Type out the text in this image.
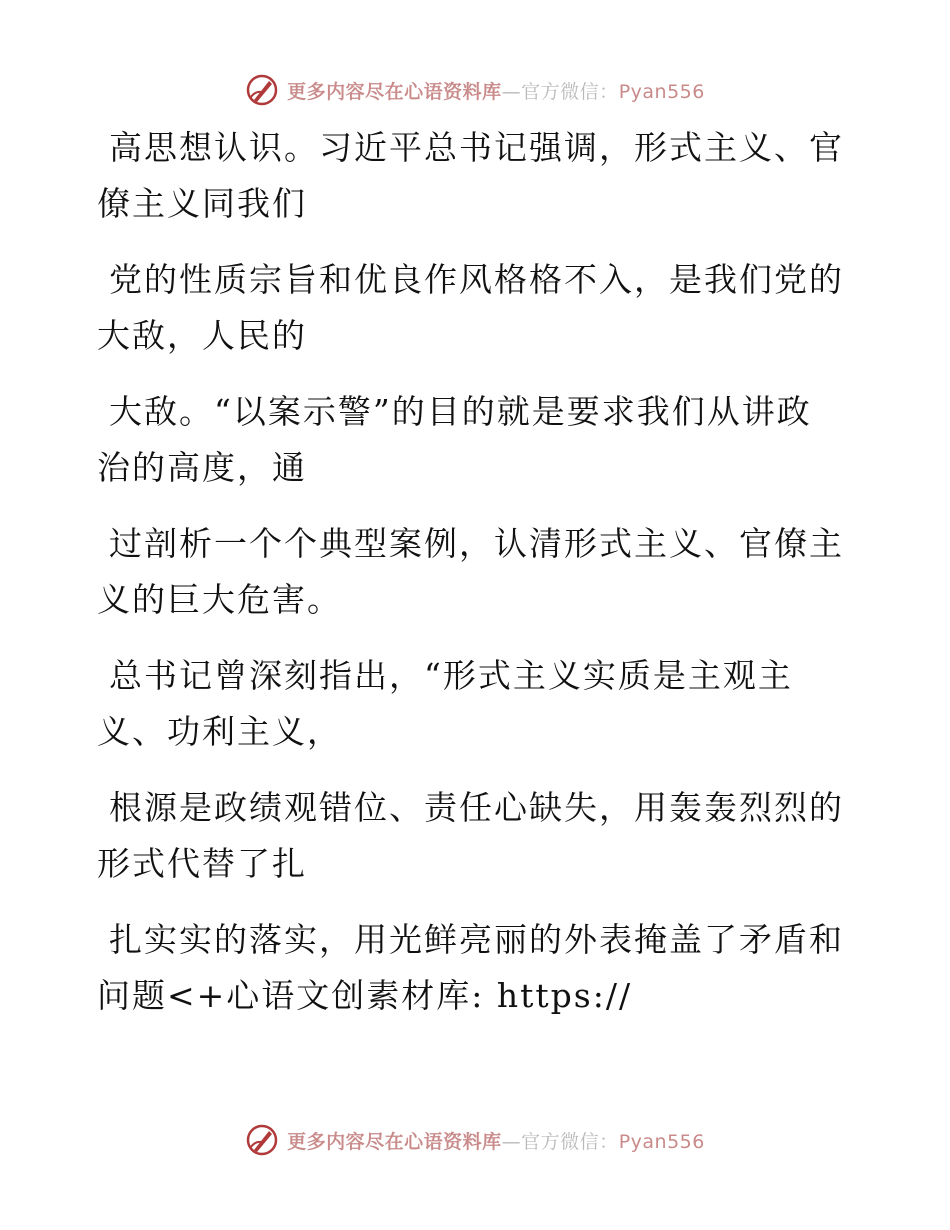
更多内容尽在心语资料库—官方微信：Pyan556

高思想认识。习近平总书记强调，形式主义、官
僚主义同我们

党的性质宗旨和优良作风格格不入，是我们党的
大敌，人民的

大敌。“以案示警”的目的就是要求我们从讲政
治的高度，通

过剖析一个个典型案例，认清形式主义、官僚主
义的巨大危害。

总书记曾深刻指出，“形式主义实质是主观主
义、功利主义，

根源是政绩观错位、责任心缺失，用轰轰烈烈的
形式代替了扎

扎实实的落实，用光鲜亮丽的外表掩盖了矛盾和
问题<+心语文创素材库: https://

更多内容尽在心语资料库—官方微信：Pyan556
